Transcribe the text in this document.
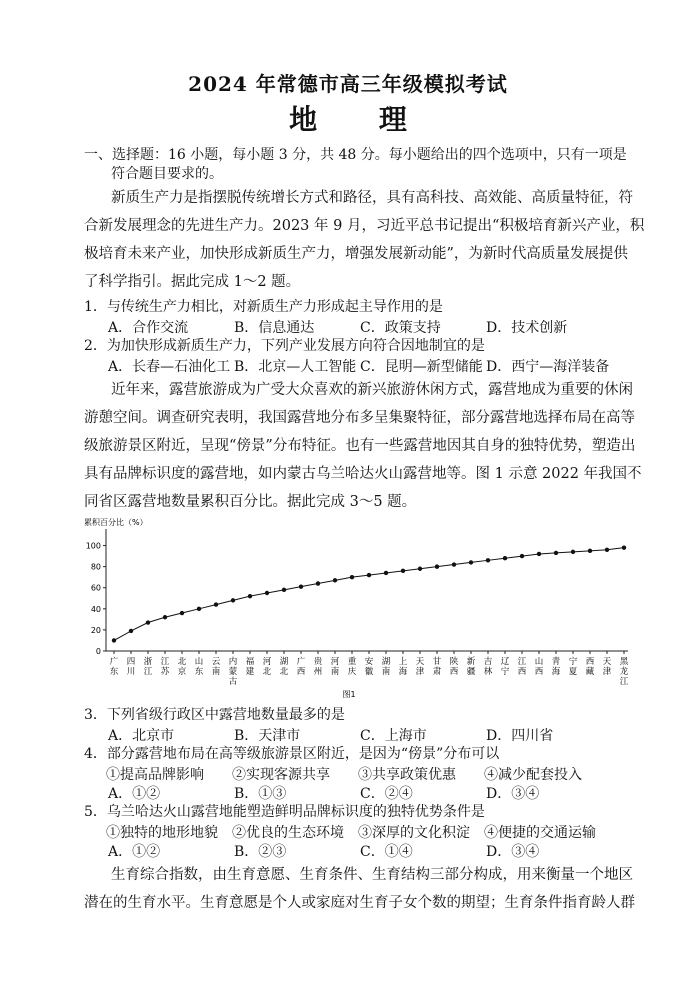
2024 年常德市高三年级模拟考试
地 理
一、选择题：16 小题，每小题 3 分，共 48 分。每小题给出的四个选项中，只有一项是
符合题目要求的。
新质生产力是指摆脱传统增长方式和路径，具有高科技、高效能、高质量特征，符
合新发展理念的先进生产力。2023 年 9 月，习近平总书记提出“积极培育新兴产业，积
极培育未来产业，加快形成新质生产力，增强发展新动能”，为新时代高质量发展提供
了科学指引。据此完成 1～2 题。
1．与传统生产力相比，对新质生产力形成起主导作用的是
A．合作交流	B．信息通达	C．政策支持	D．技术创新
2．为加快形成新质生产力，下列产业发展方向符合因地制宜的是
A．长春—石油化工 B．北京—人工智能 C．昆明—新型储能 D．西宁—海洋装备
近年来，露营旅游成为广受大众喜欢的新兴旅游休闲方式，露营地成为重要的休闲
游憩空间。调查研究表明，我国露营地分布多呈集聚特征，部分露营地选择布局在高等
级旅游景区附近，呈现“傍景”分布特征。也有一些露营地因其自身的独特优势，塑造出
具有品牌标识度的露营地，如内蒙古乌兰哈达火山露营地等。图 1 示意 2022 年我国不
同省区露营地数量累积百分比。据此完成 3～5 题。
累积百分比（%）
0
20
40
60
80
100
广
东
四
川
浙
江
江
苏
北
京
山
东
云
南
内
蒙
古
福
建
河
北
湖
北
广
西
贵
州
河
南
重
庆
安
徽
湖
南
上
海
天
津
甘
肃
陕
西
新
疆
吉
林
辽
宁
江
西
山
西
青
海
宁
夏
西
藏
天
津
黑
龙
江
图1
3．下列省级行政区中露营地数量最多的是
A．北京市	B．天津市	C．上海市	D．四川省
4．部分露营地布局在高等级旅游景区附近，是因为“傍景”分布可以
①提高品牌影响 ②实现客源共享 ③共享政策优惠 ④减少配套投入
A．①②	B．①③	C．②④	D．③④
5．乌兰哈达火山露营地能塑造鲜明品牌标识度的独特优势条件是
①独特的地形地貌 ②优良的生态环境 ③深厚的文化积淀 ④便捷的交通运输
A．①②	B．②③	C．①④	D．③④
生育综合指数，由生育意愿、生育条件、生育结构三部分构成，用来衡量一个地区
潜在的生育水平。生育意愿是个人或家庭对生育子女个数的期望；生育条件指育龄人群
